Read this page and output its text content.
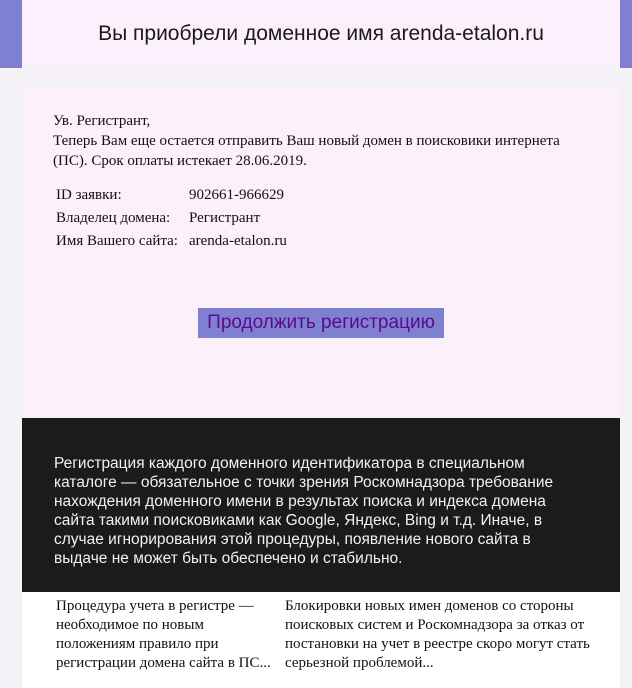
Вы приобрели доменное имя arenda-etalon.ru
Ув. Регистрант,
Теперь Вам еще остается отправить Ваш новый домен в поисковики интернета (ПС). Срок оплаты истекает 28.06.2019.
ID заявки:	902661-966629
Владелец домена:	Регистрант
Имя Вашего сайта:	arenda-etalon.ru
Продолжить регистрацию

Регистрация каждого доменного идентификатора в специальном каталоге — обязательное с точки зрения Роскомнадзора требование нахождения доменного имени в результах поиска и индекса домена сайта такими поисковиками как Google, Яндекс, Bing и т.д. Иначе, в случае игнорирования этой процедуры, появление нового сайта в выдаче не может быть обеспечено и стабильно.

Процедура учета в регистре — необходимое по новым положениям правило при регистрации домена сайта в ПС...
Блокировки новых имен доменов со стороны поисковых систем и Роскомнадзора за отказ от постановки на учет в реестре скоро могут стать серьезной проблемой...
